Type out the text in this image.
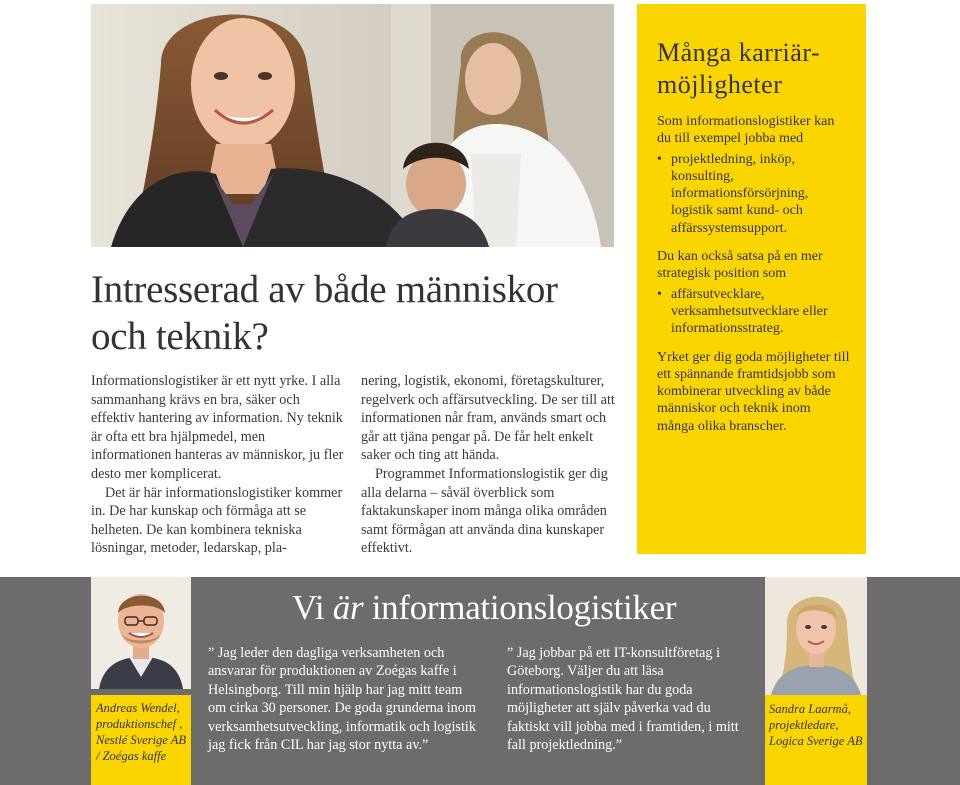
Intresserad av både människor
och teknik?

Informationslogistiker är ett nytt yrke. I alla sammanhang krävs en bra, säker och effektiv hantering av information. Ny teknik är ofta ett bra hjälpmedel, men informationen hanteras av människor, ju fler desto mer komplicerat.

Det är här informationslogistiker kommer in. De har kunskap och förmåga att se helheten. De kan kombinera tekniska lösningar, metoder, ledarskap, pla-

nering, logistik, ekonomi, företagskulturer, regelverk och affärsutveckling. De ser till att informationen når fram, används smart och går att tjäna pengar på. De får helt enkelt saker och ting att hända.

Programmet Informationslogistik ger dig alla delarna – såväl överblick som faktakunskaper inom många olika områden samt förmågan att använda dina kunskaper effektivt.

Många karriär-
möjligheter

Som informationslogistiker kan du till exempel jobba med

• projektledning, inköp, konsulting, informationsförsörjning, logistik samt kund- och affärssystemsupport.

Du kan också satsa på en mer strategisk position som

• affärsutvecklare, verksamhetsutvecklare eller informationsstrateg.

Yrket ger dig goda möjligheter till ett spännande framtidsjobb som kombinerar utveckling av både människor och teknik inom många olika branscher.

Vi är informationslogistiker

” Jag leder den dagliga verksamheten och ansvarar för produktionen av Zoégas kaffe i Helsingborg. Till min hjälp har jag mitt team om cirka 30 personer. De goda grunderna inom verksamhetsutveckling, informatik och logistik jag fick från CIL har jag stor nytta av.”

” Jag jobbar på ett IT-konsultföretag i Göteborg. Väljer du att läsa informationslogistik har du goda möjligheter att själv påverka vad du faktiskt vill jobba med i framtiden, i mitt fall projektledning.”

Andreas Wendel,
produktionschef ,
Nestlé Sverige AB / Zoégas kaffe
Sandra Laarmå,
projektledare,
Logica Sverige AB
